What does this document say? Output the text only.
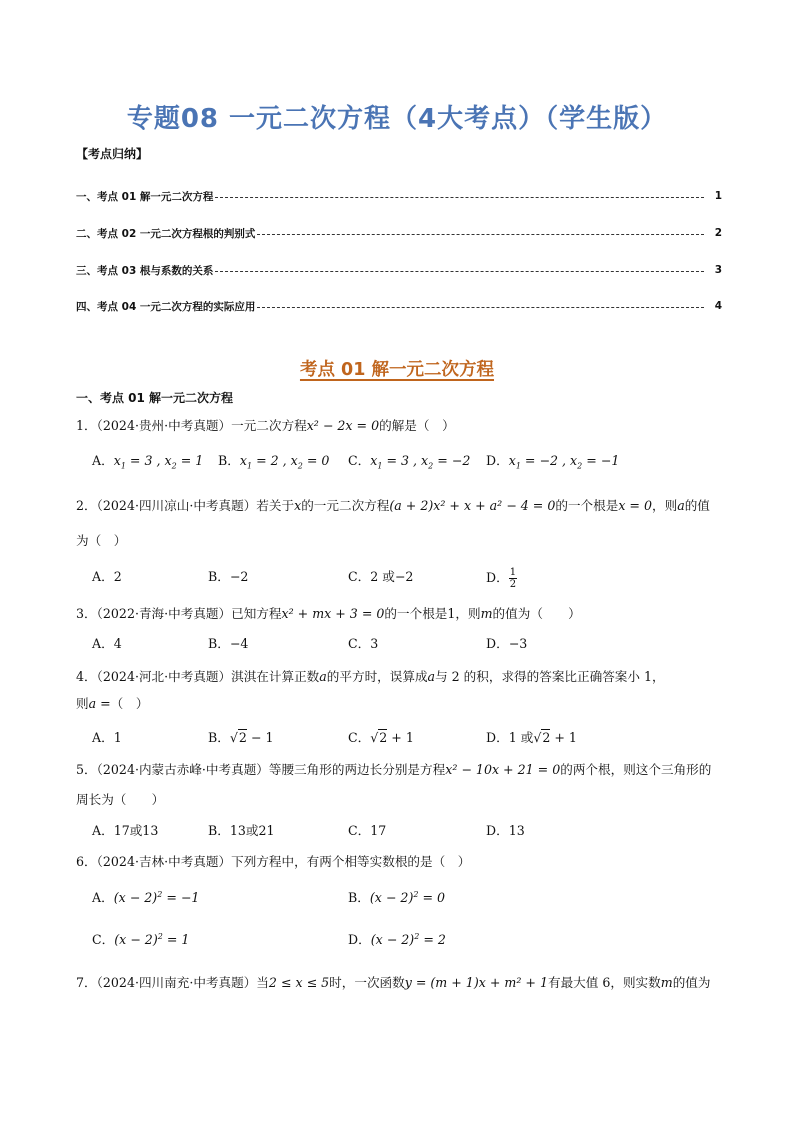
专题08 一元二次方程（4大考点）（学生版）
【考点归纳】
一、考点 01 解一元二次方程	1
二、考点 02 一元二次方程根的判别式	2
三、考点 03 根与系数的关系	3
四、考点 04 一元二次方程的实际应用	4
考点 01 解一元二次方程
一、考点 01 解一元二次方程
1．（2024·贵州·中考真题）一元二次方程x² − 2x = 0的解是（　）
A．$x_1 = 3$ , $x_2 = 1$ B．$x_1 = 2$ , $x_2 = 0$ C．$x_1 = 3$ , $x_2 = -2$ D．$x_1 = -2$ , $x_2 = -1$
2．（2024·四川凉山·中考真题）若关于x的一元二次方程(a + 2)x² + x + a² − 4 = 0的一个根是x = 0，则a的值
为（　）
A．2	B．−2	C．2 或−2	D． $\frac{1}{2}$
3．（2022·青海·中考真题）已知方程x² + mx + 3 = 0的一个根是1，则m的值为（　　）
A．4	B．−4	C．3	D．−3
4．（2024·河北·中考真题）淇淇在计算正数a的平方时，误算成a与 2 的积，求得的答案比正确答案小 1，
则a =（　）
A．1	B．√2 − 1	C．√2 + 1	D．1 或√2 + 1
5．（2024·内蒙古赤峰·中考真题）等腰三角形的两边长分别是方程x² − 10x + 21 = 0的两个根，则这个三角形的
周长为（　　）
A．17或13	B．13或21	C．17	D．13
6．（2024·吉林·中考真题）下列方程中，有两个相等实数根的是（　）
A．$(x - 2)^2 = -1$	B．$(x - 2)^2 = 0$
C．$(x - 2)^2 = 1$	D．$(x - 2)^2 = 2$
7．（2024·四川南充·中考真题）当2 ≤ x ≤ 5时，一次函数y = (m + 1)x + m² + 1有最大值 6，则实数m的值为
